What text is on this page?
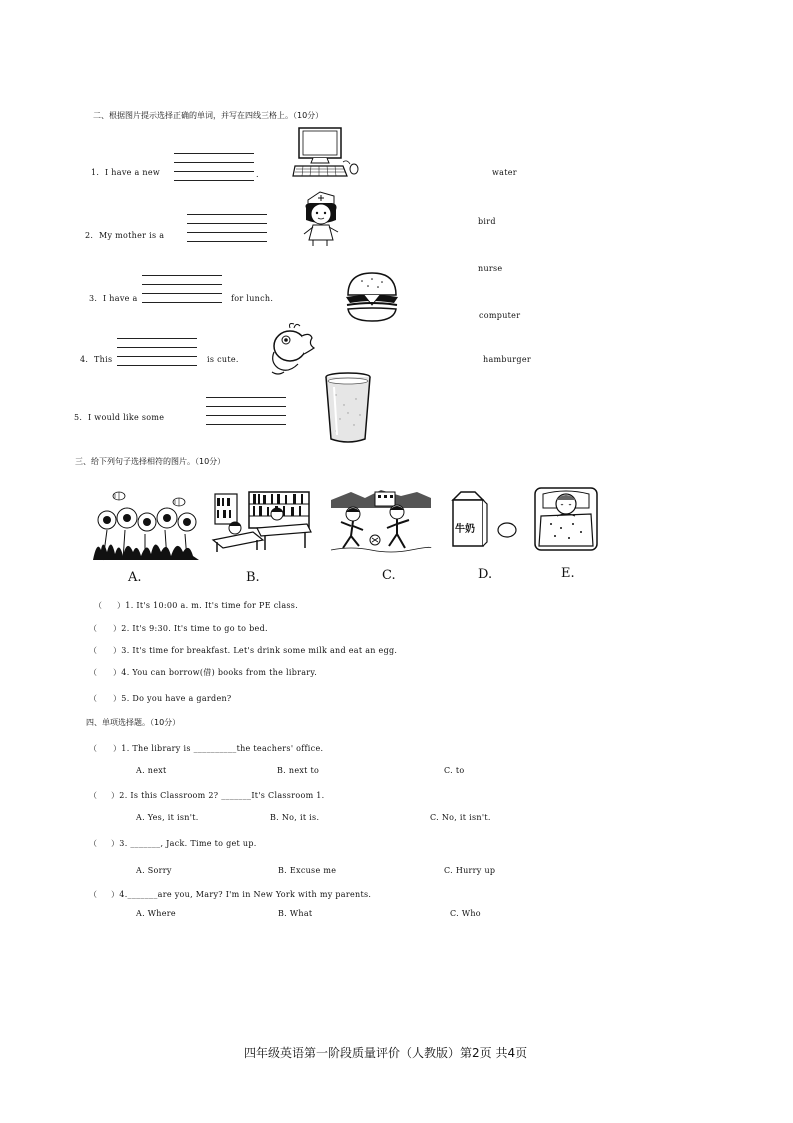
二、根据图片提示选择正确的单词，并写在四线三格上。（10分）
1. I have a new	.
2. My mother is a
3. I have a	for lunch.
4. This	is cute.
5. I would like some
water
bird
nurse
computer
hamburger
三、给下列句子选择相符的图片。（10分）
牛奶
A.	B.	C.	D.	E.
（ ）1. It's 10:00 a. m. It's time for PE class.
（ ）2. It's 9:30. It's time to go to bed.
（ ）3. It's time for breakfast. Let's drink some milk and eat an egg.
（ ）4. You can borrow(借) books from the library.
（ ）5. Do you have a garden?
四、单项选择题。（10分）
（ ）1. The library is __________the teachers' office.
A. next	B. next to	C. to
（ ）2. Is this Classroom 2? _______It's Classroom 1.
A. Yes, it isn't.	B. No, it is.	C. No, it isn't.
（ ）3. _______, Jack. Time to get up.
A. Sorry	B. Excuse me	C. Hurry up
（ ）4._______are you, Mary? I'm in New York with my parents.
A. Where	B. What	C. Who
四年级英语第一阶段质量评价（人教版）第2页 共4页
